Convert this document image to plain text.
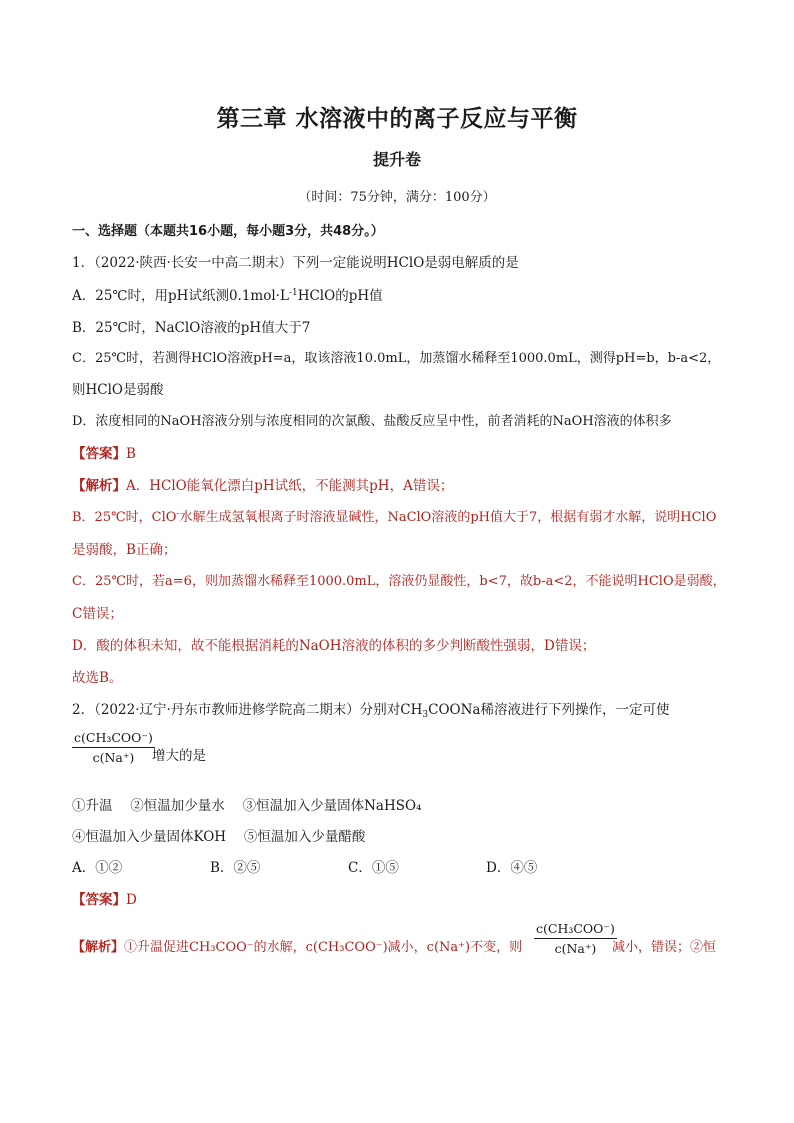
第三章 水溶液中的离子反应与平衡
提升卷
（时间：75分钟，满分：100分）
一、选择题（本题共16小题，每小题3分，共48分。）
1．（2022·陕西·长安一中高二期末）下列一定能说明HClO是弱电解质的是
A．25℃时，用pH试纸测$0.1mol\cdot L^{-1}HClO$的pH值
B．25℃时，NaClO溶液的pH值大于7
C．25℃时，若测得HClO溶液pH=a，取该溶液10.0mL，加蒸馏水稀释至1000.0mL，测得pH=b，b-a<2，
则HClO是弱酸
D．浓度相同的NaOH溶液分别与浓度相同的次氯酸、盐酸反应呈中性，前者消耗的NaOH溶液的体积多
【答案】B
【解析】A．HClO能氧化漂白pH试纸，不能测其pH，A错误；
B．25℃时，ClO-水解生成氢氧根离子时溶液显碱性，NaClO溶液的pH值大于7，根据有弱才水解，说明HClO
是弱酸，B正确；
C．25℃时，若a=6，则加蒸馏水稀释至1000.0mL，溶液仍显酸性，b<7，故b-a<2，不能说明HClO是弱酸，
C错误；
D．酸的体积未知，故不能根据消耗的NaOH溶液的体积的多少判断酸性强弱，D错误；
故选B。
2．（2022·辽宁·丹东市教师进修学院高二期末）分别对$CH_3COONa$稀溶液进行下列操作，一定可使
c(CH₃COO⁻)
c(Na⁺)	增大的是
①升温　 ②恒温加少量水　 ③恒温加入少量固体NaHSO₄
④恒温加入少量固体KOH　 ⑤恒温加入少量醋酸
A．①②	B．②⑤	C．①⑤	D．④⑤
【答案】D
【解析】①升温促进CH₃COO⁻的水解，c(CH₃COO⁻)减小，c(Na⁺)不变，则
c(CH₃COO⁻)
c(Na⁺)	减小，错误；②恒
